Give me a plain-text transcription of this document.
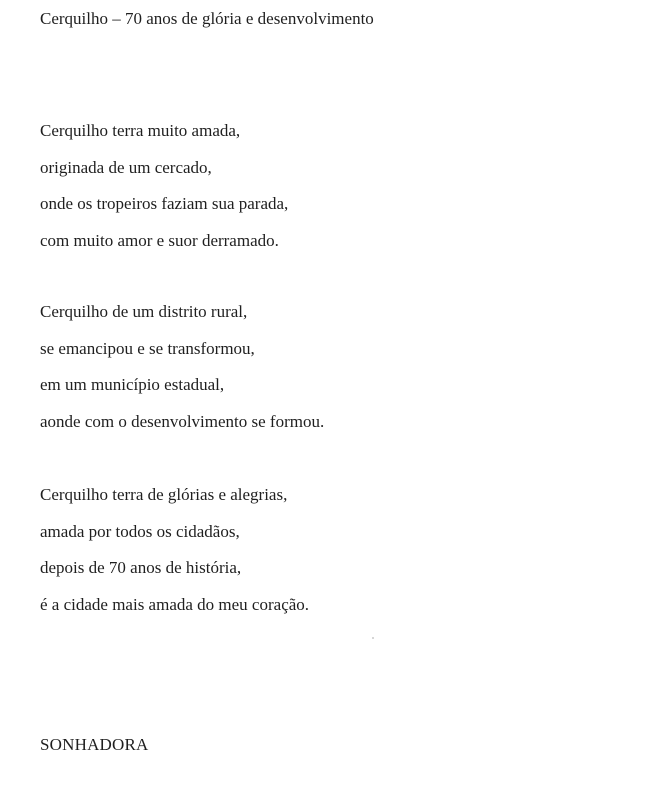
Cerquilho – 70 anos de glória e desenvolvimento
Cerquilho terra muito amada,
originada de um cercado,
onde os tropeiros faziam sua parada,
com muito amor e suor derramado.
Cerquilho de um distrito rural,
se emancipou e se transformou,
em um município estadual,
aonde com o desenvolvimento se formou.
Cerquilho terra de glórias e alegrias,
amada por todos os cidadãos,
depois de 70 anos de história,
é a cidade mais amada do meu coração.
SONHADORA
